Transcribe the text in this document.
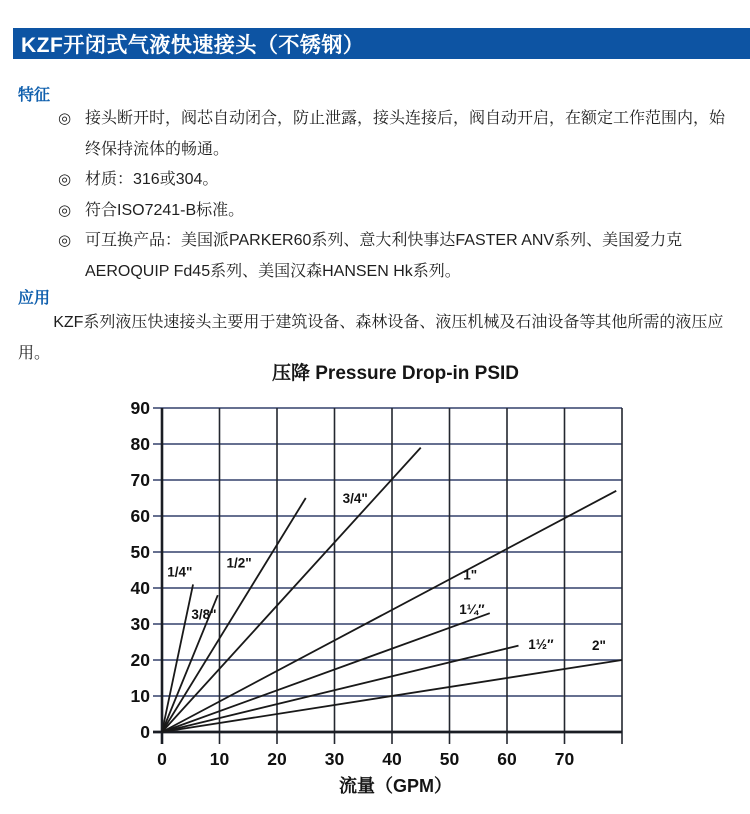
KZF开闭式气液快速接头（不锈钢）
特征
◎ 接头断开时，阀芯自动闭合，防止泄露，接头连接后，阀自动开启，在额定工作范围内，始终保持流体的畅通。
◎ 材质：316或304。
◎ 符合ISO7241-B标准。
◎ 可互换产品：美国派PARKER60系列、意大利快事达FASTER ANV系列、美国爱力克AEROQUIP Fd45系列、美国汉森HANSEN Hk系列。
应用
KZF系列液压快速接头主要用于建筑设备、森林设备、液压机械及石油设备等其他所需的液压应用。
压降 Pressure Drop-in PSID
1/4"
3/8"
1/2"
3/4"
1"
1¼″
1½″	2"
0
10
20
30
40
50
60
70
80
90
0 10 20 30 40 50 60 70
流量（GPM）
